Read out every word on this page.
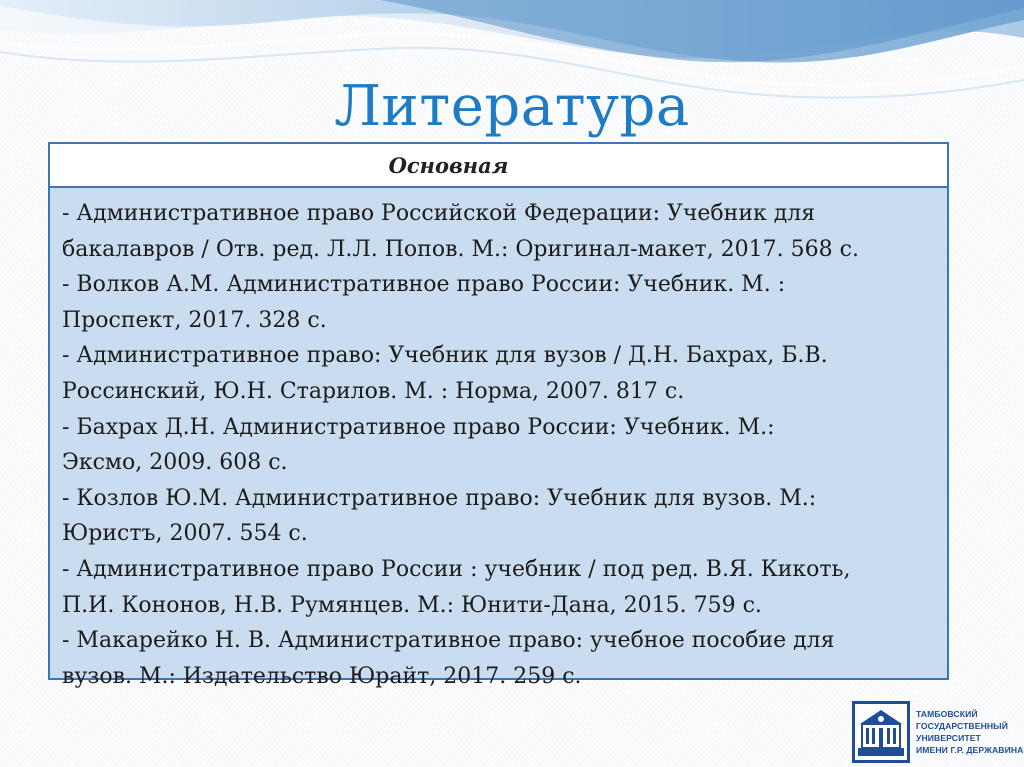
Литература
Основная
- Административное право Российской Федерации: Учебник для
бакалавров / Отв. ред. Л.Л. Попов. М.: Оригинал-макет, 2017. 568 с.
- Волков А.М. Административное право России: Учебник. М. :
Проспект, 2017. 328 с.
- Административное право: Учебник для вузов / Д.Н. Бахрах, Б.В.
Россинский, Ю.Н. Старилов. М. : Норма, 2007. 817 с.
- Бахрах Д.Н. Административное право России: Учебник. М.:
Эксмо, 2009. 608 с.
- Козлов Ю.М. Административное право: Учебник для вузов. М.:
Юристъ, 2007. 554 с.
- Административное право России : учебник / под ред. В.Я. Кикоть,
П.И. Кононов, Н.В. Румянцев. М.: Юнити-Дана, 2015. 759 с.
- Макарейко Н. В. Административное право: учебное пособие для
вузов. М.: Издательство Юрайт, 2017. 259 с.
ТАМБОВСКИЙ
ГОСУДАРСТВЕННЫЙ
УНИВЕРСИТЕТ
ИМЕНИ Г.Р. ДЕРЖАВИНА
